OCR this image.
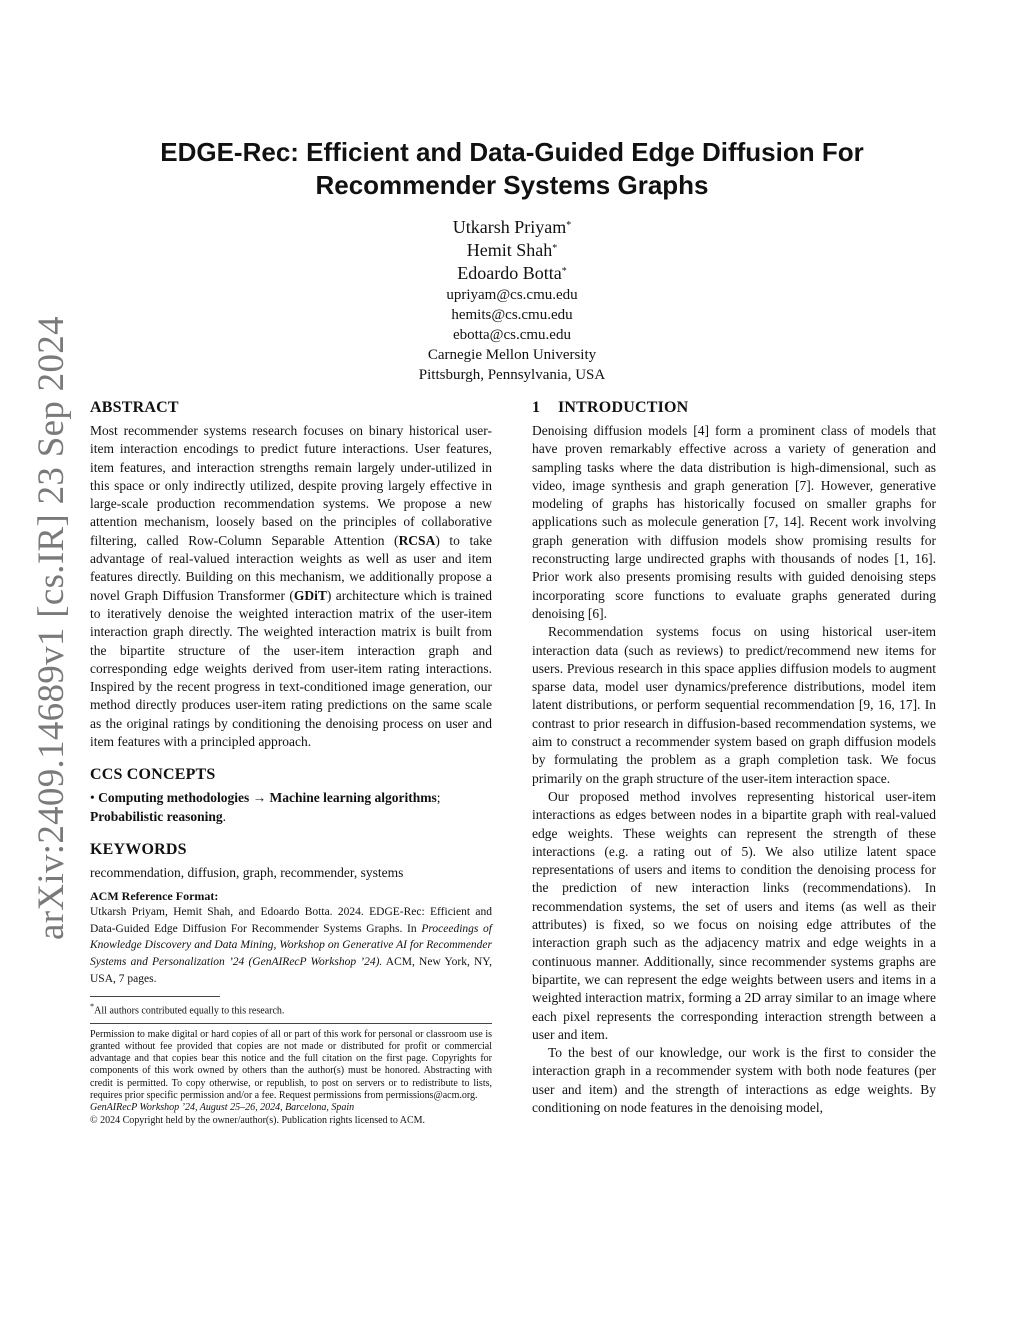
arXiv:2409.14689v1 [cs.IR] 23 Sep 2024
EDGE-Rec: Efficient and Data-Guided Edge Diffusion For
Recommender Systems Graphs
Utkarsh Priyam*
Hemit Shah*
Edoardo Botta*
upriyam@cs.cmu.edu
hemits@cs.cmu.edu
ebotta@cs.cmu.edu
Carnegie Mellon University
Pittsburgh, Pennsylvania, USA
ABSTRACT

Most recommender systems research focuses on binary historical user-item interaction encodings to predict future interactions. User features, item features, and interaction strengths remain largely under-utilized in this space or only indirectly utilized, despite proving largely effective in large-scale production recommendation systems. We propose a new attention mechanism, loosely based on the principles of collaborative filtering, called Row-Column Separable Attention (RCSA) to take advantage of real-valued interaction weights as well as user and item features directly. Building on this mechanism, we additionally propose a novel Graph Diffusion Transformer (GDiT) architecture which is trained to iteratively denoise the weighted interaction matrix of the user-item interaction graph directly. The weighted interaction matrix is built from the bipartite structure of the user-item interaction graph and corresponding edge weights derived from user-item rating interactions. Inspired by the recent progress in text-conditioned image generation, our method directly produces user-item rating predictions on the same scale as the original ratings by conditioning the denoising process on user and item features with a principled approach.

CCS CONCEPTS

• Computing methodologies → Machine learning algorithms; Probabilistic reasoning.

KEYWORDS

recommendation, diffusion, graph, recommender, systems

ACM Reference Format:

Utkarsh Priyam, Hemit Shah, and Edoardo Botta. 2024. EDGE-Rec: Efficient and Data-Guided Edge Diffusion For Recommender Systems Graphs. In Proceedings of Knowledge Discovery and Data Mining, Workshop on Generative AI for Recommender Systems and Personalization ’24 (GenAIRecP Workshop ’24). ACM, New York, NY, USA, 7 pages.

*All authors contributed equally to this research.

Permission to make digital or hard copies of all or part of this work for personal or classroom use is granted without fee provided that copies are not made or distributed for profit or commercial advantage and that copies bear this notice and the full citation on the first page. Copyrights for components of this work owned by others than the author(s) must be honored. Abstracting with credit is permitted. To copy otherwise, or republish, to post on servers or to redistribute to lists, requires prior specific permission and/or a fee. Request permissions from permissions@acm.org.

GenAIRecP Workshop ’24, August 25–26, 2024, Barcelona, Spain

© 2024 Copyright held by the owner/author(s). Publication rights licensed to ACM.

1 INTRODUCTION

Denoising diffusion models [4] form a prominent class of models that have proven remarkably effective across a variety of generation and sampling tasks where the data distribution is high-dimensional, such as video, image synthesis and graph generation [7]. However, generative modeling of graphs has historically focused on smaller graphs for applications such as molecule generation [7, 14]. Recent work involving graph generation with diffusion models show promising results for reconstructing large undirected graphs with thousands of nodes [1, 16]. Prior work also presents promising results with guided denoising steps incorporating score functions to evaluate graphs generated during denoising [6].

Recommendation systems focus on using historical user-item interaction data (such as reviews) to predict/recommend new items for users. Previous research in this space applies diffusion models to augment sparse data, model user dynamics/preference distributions, model item latent distributions, or perform sequential recommendation [9, 16, 17]. In contrast to prior research in diffusion-based recommendation systems, we aim to construct a recommender system based on graph diffusion models by formulating the problem as a graph completion task. We focus primarily on the graph structure of the user-item interaction space.

Our proposed method involves representing historical user-item interactions as edges between nodes in a bipartite graph with real-valued edge weights. These weights can represent the strength of these interactions (e.g. a rating out of 5). We also utilize latent space representations of users and items to condition the denoising process for the prediction of new interaction links (recommendations). In recommendation systems, the set of users and items (as well as their attributes) is fixed, so we focus on noising edge attributes of the interaction graph such as the adjacency matrix and edge weights in a continuous manner. Additionally, since recommender systems graphs are bipartite, we can represent the edge weights between users and items in a weighted interaction matrix, forming a 2D array similar to an image where each pixel represents the corresponding interaction strength between a user and item.

To the best of our knowledge, our work is the first to consider the interaction graph in a recommender system with both node features (per user and item) and the strength of interactions as edge weights. By conditioning on node features in the denoising model,
